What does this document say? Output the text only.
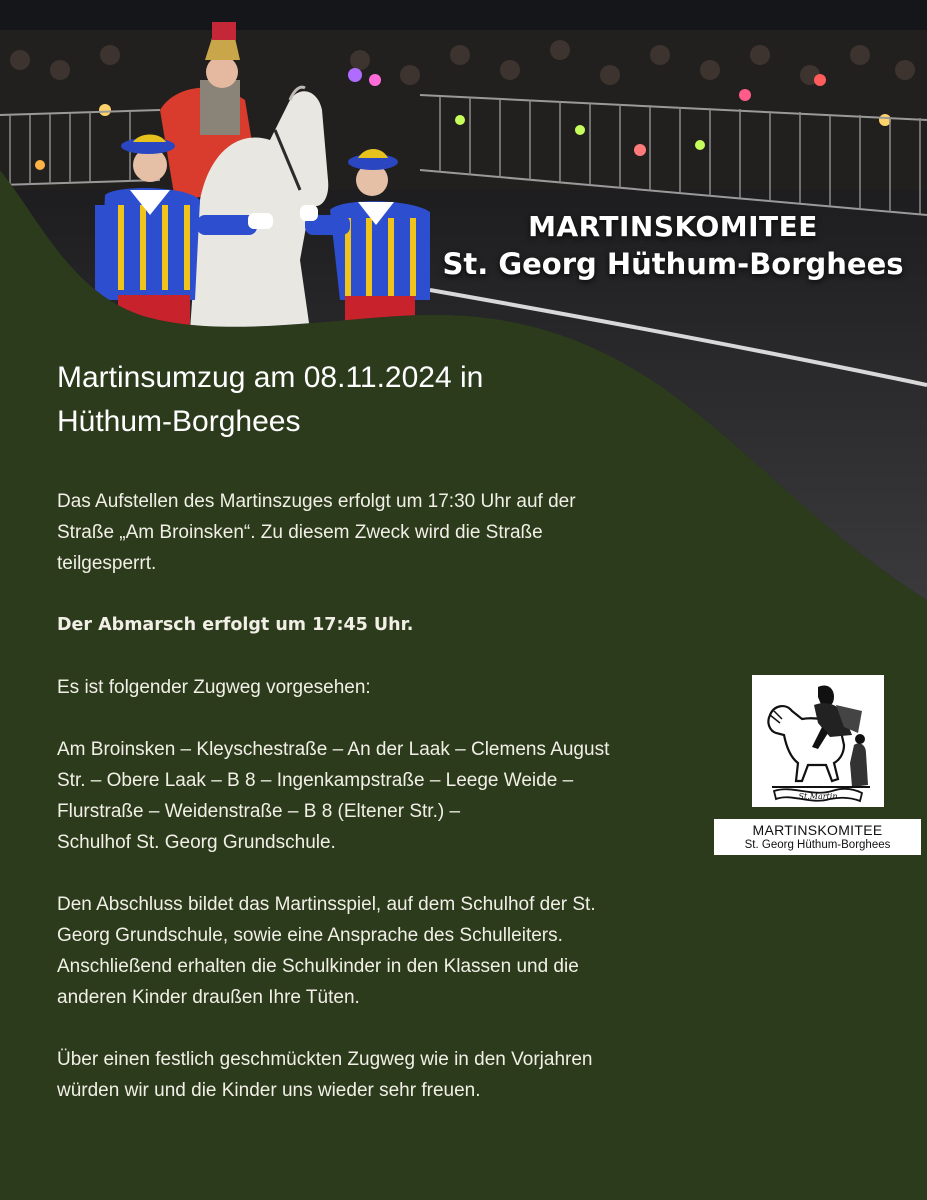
MARTINSKOMITEE
St. Georg Hüthum-Borghees
Martinsumzug am 08.11.2024 in
Hüthum-Borghees

Das Aufstellen des Martinszuges erfolgt um 17:30 Uhr auf der
Straße „Am Broinsken“. Zu diesem Zweck wird die Straße
teilgesperrt.

Der Abmarsch erfolgt um 17:45 Uhr.

Es ist folgender Zugweg vorgesehen:

Am Broinsken – Kleyschestraße – An der Laak – Clemens August
Str. – Obere Laak – B 8 – Ingenkampstraße – Leege Weide –
Flurstraße – Weidenstraße – B 8 (Eltener Str.) –
Schulhof St. Georg Grundschule.

Den Abschluss bildet das Martinsspiel, auf dem Schulhof der St.
Georg Grundschule, sowie eine Ansprache des Schulleiters.
Anschließend erhalten die Schulkinder in den Klassen und die
anderen Kinder draußen Ihre Tüten.

Über einen festlich geschmückten Zugweg wie in den Vorjahren
würden wir und die Kinder uns wieder sehr freuen.

St.Martin
MARTINSKOMITEE
St. Georg Hüthum-Borghees
